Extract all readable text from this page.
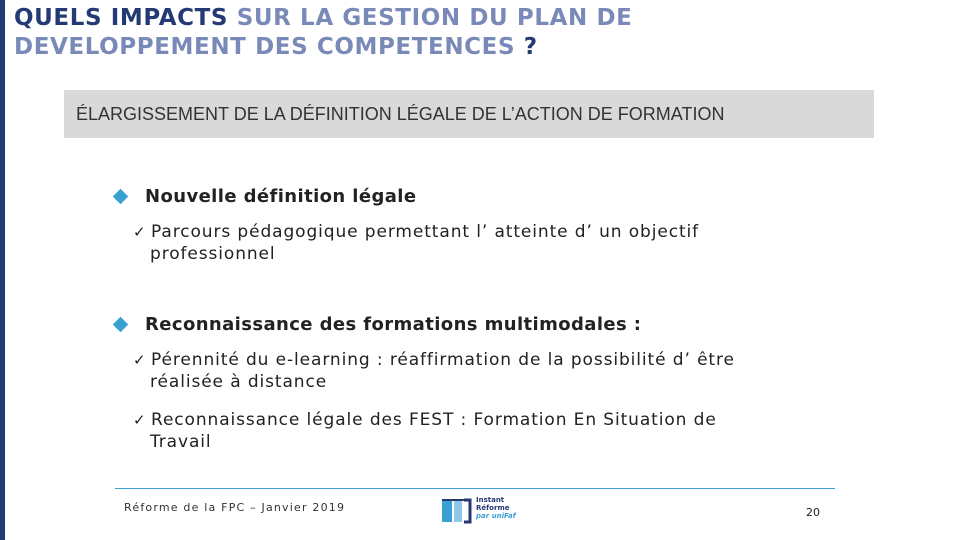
QUELS IMPACTS SUR LA GESTION DU PLAN DE
DEVELOPPEMENT DES COMPETENCES ?
ÉLARGISSEMENT DE LA DÉFINITION LÉGALE DE L’ACTION DE FORMATION
Nouvelle définition légale
✓ Parcours pédagogique permettant l’ atteinte d’ un objectif
professionnel
Reconnaissance des formations multimodales :
✓ Pérennité du e-learning : réaffirmation de la possibilité d’ être
réalisée à distance
✓ Reconnaissance légale des FEST : Formation En Situation de
Travail
Réforme de la FPC – Janvier 2019
Instant
Réforme
par uniFaf	20
